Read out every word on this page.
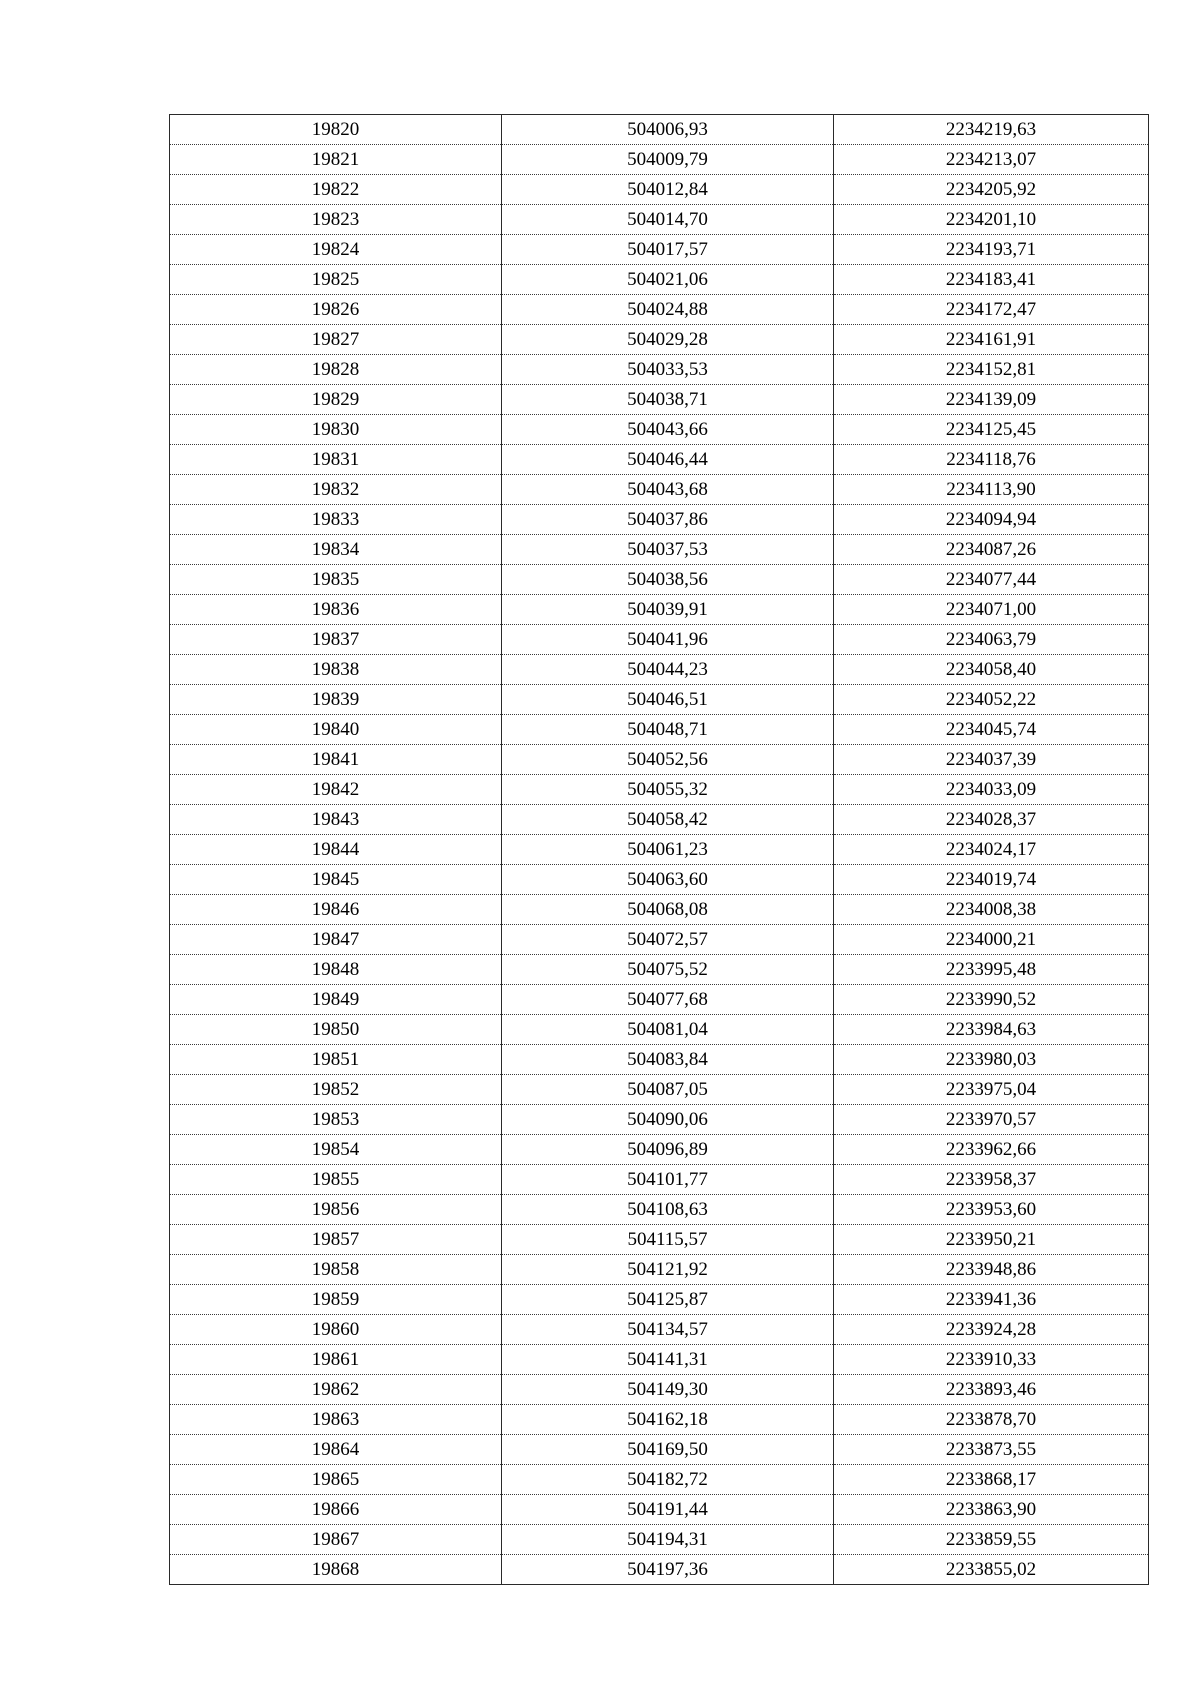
19820	504006,93	2234219,63
19821	504009,79	2234213,07
19822	504012,84	2234205,92
19823	504014,70	2234201,10
19824	504017,57	2234193,71
19825	504021,06	2234183,41
19826	504024,88	2234172,47
19827	504029,28	2234161,91
19828	504033,53	2234152,81
19829	504038,71	2234139,09
19830	504043,66	2234125,45
19831	504046,44	2234118,76
19832	504043,68	2234113,90
19833	504037,86	2234094,94
19834	504037,53	2234087,26
19835	504038,56	2234077,44
19836	504039,91	2234071,00
19837	504041,96	2234063,79
19838	504044,23	2234058,40
19839	504046,51	2234052,22
19840	504048,71	2234045,74
19841	504052,56	2234037,39
19842	504055,32	2234033,09
19843	504058,42	2234028,37
19844	504061,23	2234024,17
19845	504063,60	2234019,74
19846	504068,08	2234008,38
19847	504072,57	2234000,21
19848	504075,52	2233995,48
19849	504077,68	2233990,52
19850	504081,04	2233984,63
19851	504083,84	2233980,03
19852	504087,05	2233975,04
19853	504090,06	2233970,57
19854	504096,89	2233962,66
19855	504101,77	2233958,37
19856	504108,63	2233953,60
19857	504115,57	2233950,21
19858	504121,92	2233948,86
19859	504125,87	2233941,36
19860	504134,57	2233924,28
19861	504141,31	2233910,33
19862	504149,30	2233893,46
19863	504162,18	2233878,70
19864	504169,50	2233873,55
19865	504182,72	2233868,17
19866	504191,44	2233863,90
19867	504194,31	2233859,55
19868	504197,36	2233855,02
